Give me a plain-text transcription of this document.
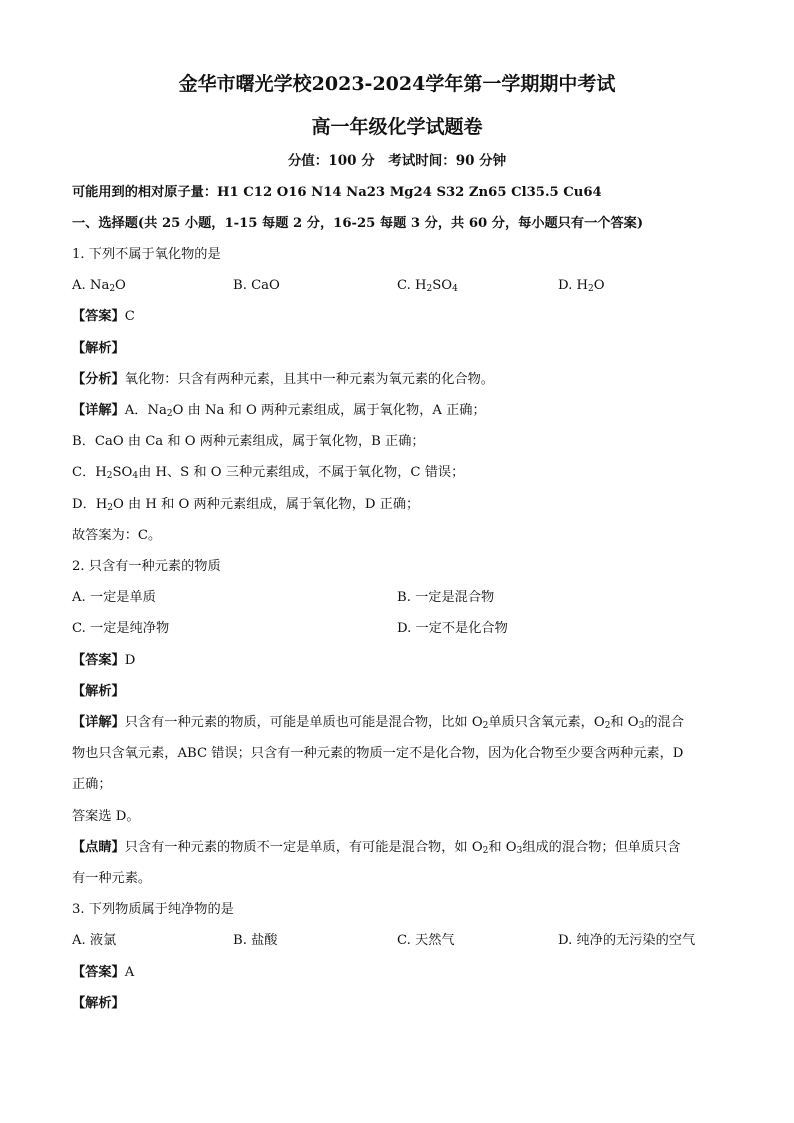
金华市曙光学校2023-2024学年第一学期期中考试
高一年级化学试题卷
分值：100 分　考试时间：90 分钟
可能用到的相对原子量：H1 C12 O16 N14 Na23 Mg24 S32 Zn65 Cl35.5 Cu64
一、选择题(共 25 小题，1-15 每题 2 分，16-25 每题 3 分，共 60 分，每小题只有一个答案)
1. 下列不属于氧化物的是
A. $Na_2O$	B. CaO	C. $H_2SO_4$	D. $H_2O$
【答案】C
【解析】
【分析】氧化物：只含有两种元素，且其中一种元素为氧元素的化合物。
【详解】A．$Na_2O$ 由 Na 和 O 两种元素组成，属于氧化物，A 正确；
B．CaO 由 Ca 和 O 两种元素组成，属于氧化物，B 正确；
C．$H_2SO_4$由 H、S 和 O 三种元素组成，不属于氧化物，C 错误；
D．$H_2O$ 由 H 和 O 两种元素组成，属于氧化物，D 正确；
故答案为：C。
2. 只含有一种元素的物质
A. 一定是单质	B. 一定是混合物
C. 一定是纯净物	D. 一定不是化合物
【答案】D
【解析】
【详解】只含有一种元素的物质，可能是单质也可能是混合物，比如 $O_2$单质只含氧元素，$O_2$和 $O_3$的混合
物也只含氧元素，ABC 错误；只含有一种元素的物质一定不是化合物，因为化合物至少要含两种元素，D
正确；
答案选 D。
【点睛】只含有一种元素的物质不一定是单质，有可能是混合物，如 $O_2$和 $O_3$组成的混合物；但单质只含
有一种元素。
3. 下列物质属于纯净物的是
A. 液氯	B. 盐酸	C. 天然气	D. 纯净的无污染的空气
【答案】A
【解析】
